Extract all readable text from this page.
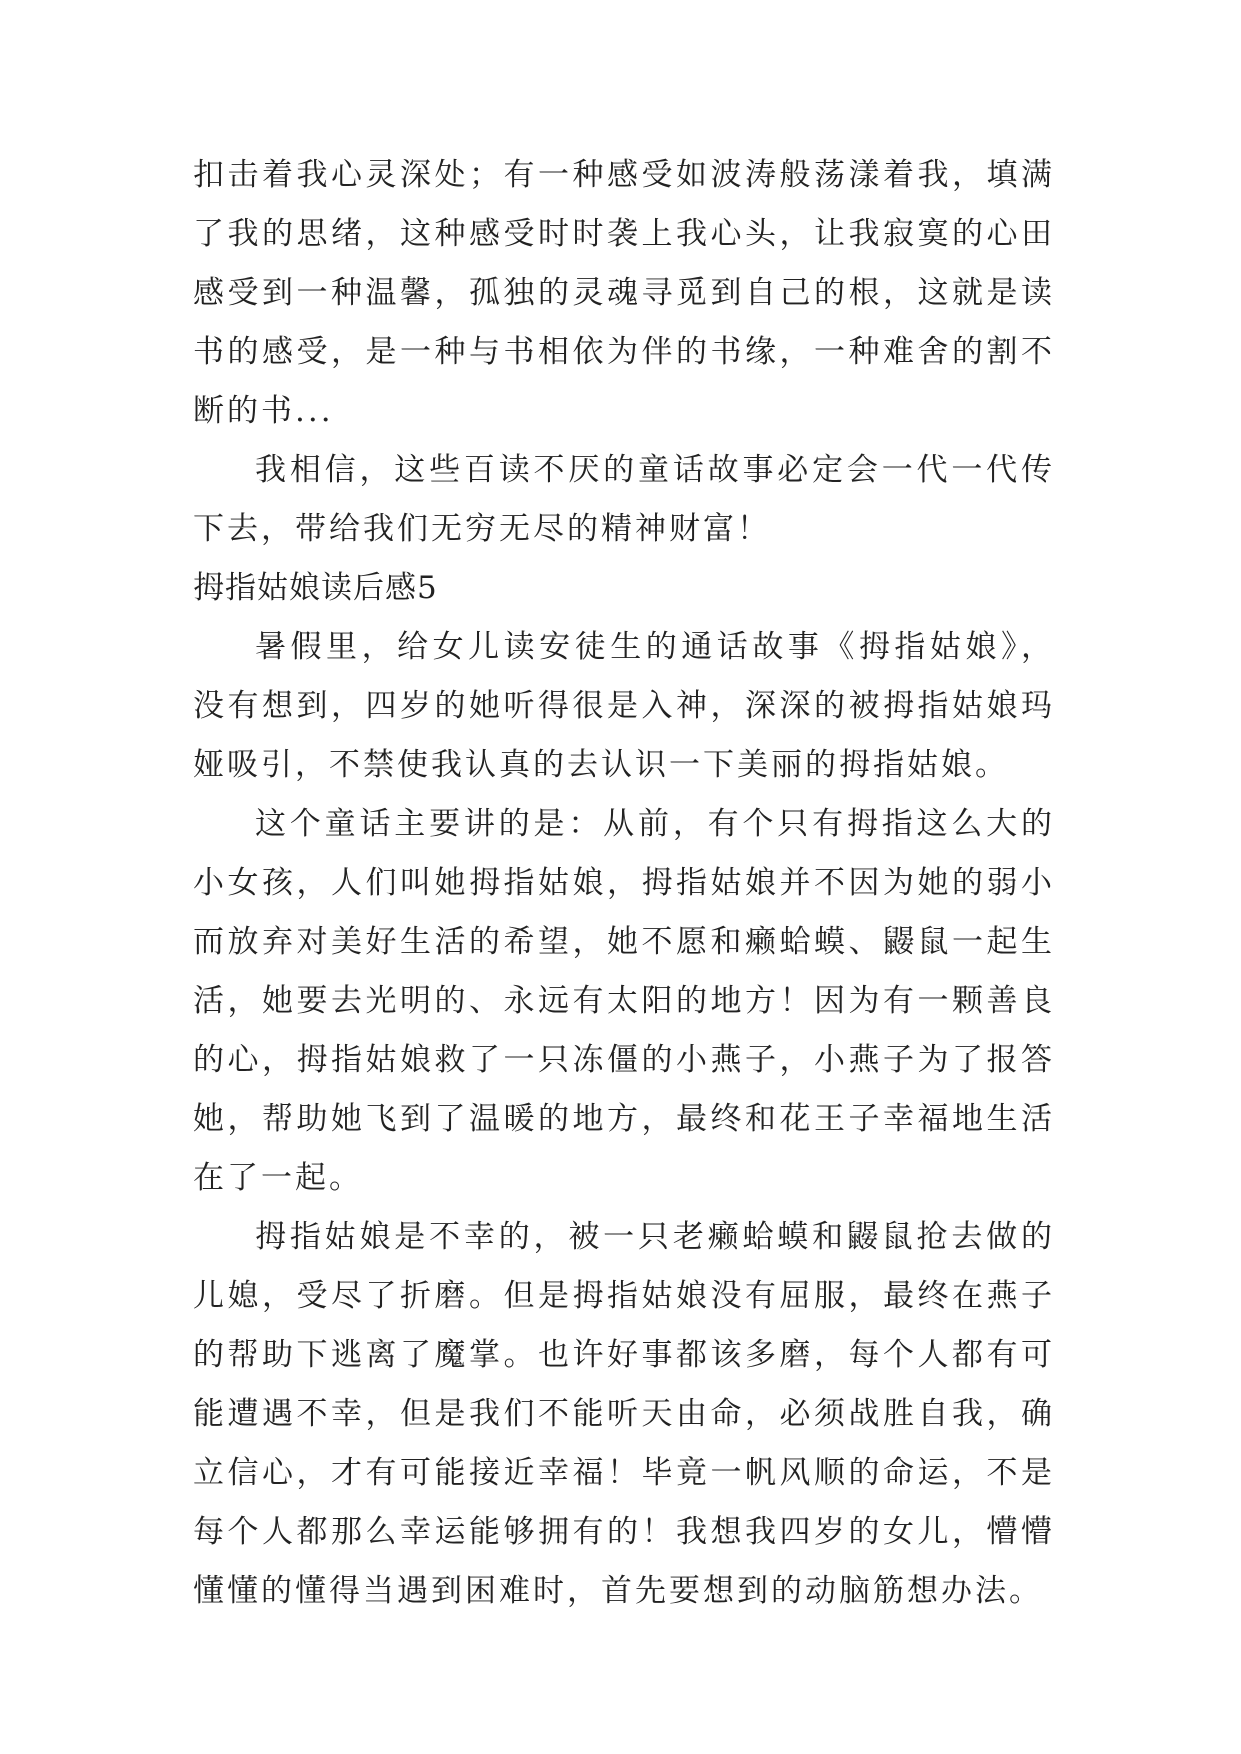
扣击着我心灵深处；有一种感受如波涛般荡漾着我，填满了我的思绪，这种感受时时袭上我心头，让我寂寞的心田感受到一种温馨，孤独的灵魂寻觅到自己的根，这就是读书的感受，是一种与书相依为伴的书缘，一种难舍的割不断的书...

我相信，这些百读不厌的童话故事必定会一代一代传下去，带给我们无穷无尽的精神财富！

拇指姑娘读后感5

暑假里，给女儿读安徒生的通话故事《拇指姑娘》，没有想到，四岁的她听得很是入神，深深的被拇指姑娘玛娅吸引，不禁使我认真的去认识一下美丽的拇指姑娘。

这个童话主要讲的是：从前，有个只有拇指这么大的小女孩，人们叫她拇指姑娘，拇指姑娘并不因为她的弱小而放弃对美好生活的希望，她不愿和癞蛤蟆、鼹鼠一起生活，她要去光明的、永远有太阳的地方！因为有一颗善良的心，拇指姑娘救了一只冻僵的小燕子，小燕子为了报答她，帮助她飞到了温暖的地方，最终和花王子幸福地生活在了一起。

拇指姑娘是不幸的，被一只老癞蛤蟆和鼹鼠抢去做的儿媳，受尽了折磨。但是拇指姑娘没有屈服，最终在燕子的帮助下逃离了魔掌。也许好事都该多磨，每个人都有可能遭遇不幸，但是我们不能听天由命，必须战胜自我，确立信心，才有可能接近幸福！毕竟一帆风顺的命运，不是每个人都那么幸运能够拥有的！我想我四岁的女儿，懵懵懂懂的懂得当遇到困难时，首先要想到的动脑筋想办法。
